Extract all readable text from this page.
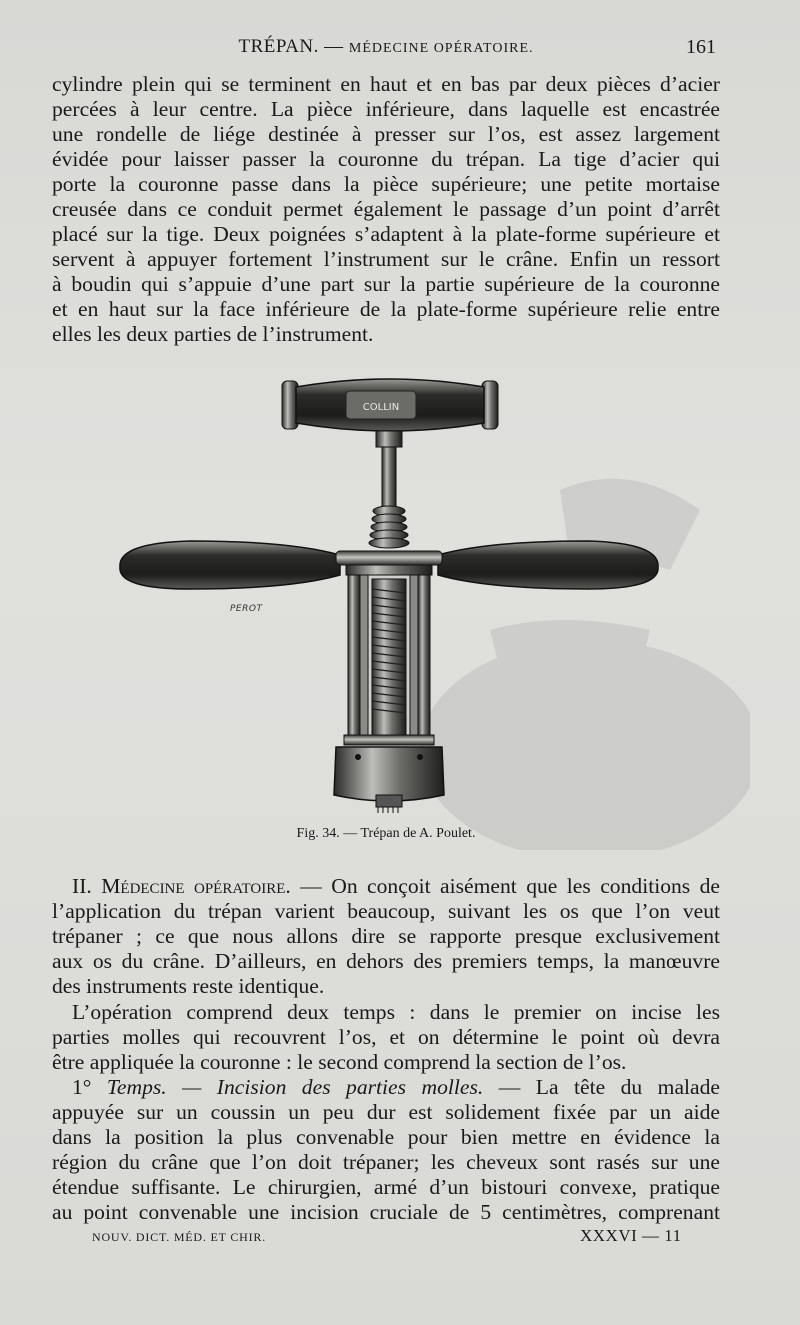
TRÉPAN. — MÉDECINE OPÉRATOIRE.	161
cylindre plein qui se terminent en haut et en bas par deux pièces d’acier
percées à leur centre. La pièce inférieure, dans laquelle est encastrée
une rondelle de liége destinée à presser sur l’os, est assez largement
évidée pour laisser passer la couronne du trépan. La tige d’acier qui
porte la couronne passe dans la pièce supérieure; une petite mortaise
creusée dans ce conduit permet également le passage d’un point d’arrêt
placé sur la tige. Deux poignées s’adaptent à la plate-forme supérieure et
servent à appuyer fortement l’instrument sur le crâne. Enfin un ressort
à boudin qui s’appuie d’une part sur la partie supérieure de la couronne
et en haut sur la face inférieure de la plate-forme supérieure relie entre
elles les deux parties de l’instrument.
COLLIN
PEROT
Fig. 34. — Trépan de A. Poulet.
II. Médecine opératoire. — On conçoit aisément que les conditions de
l’application du trépan varient beaucoup, suivant les os que l’on veut
trépaner ; ce que nous allons dire se rapporte presque exclusivement
aux os du crâne. D’ailleurs, en dehors des premiers temps, la manœuvre
des instruments reste identique.
L’opération comprend deux temps : dans le premier on incise les
parties molles qui recouvrent l’os, et on détermine le point où devra
être appliquée la couronne : le second comprend la section de l’os.
1° Temps. — Incision des parties molles. — La tête du malade
appuyée sur un coussin un peu dur est solidement fixée par un aide
dans la position la plus convenable pour bien mettre en évidence la
région du crâne que l’on doit trépaner; les cheveux sont rasés sur une
étendue suffisante. Le chirurgien, armé d’un bistouri convexe, pratique
au point convenable une incision cruciale de 5 centimètres, comprenant
NOUV. DICT. MÉD. ET CHIR.	XXXVI — 11
